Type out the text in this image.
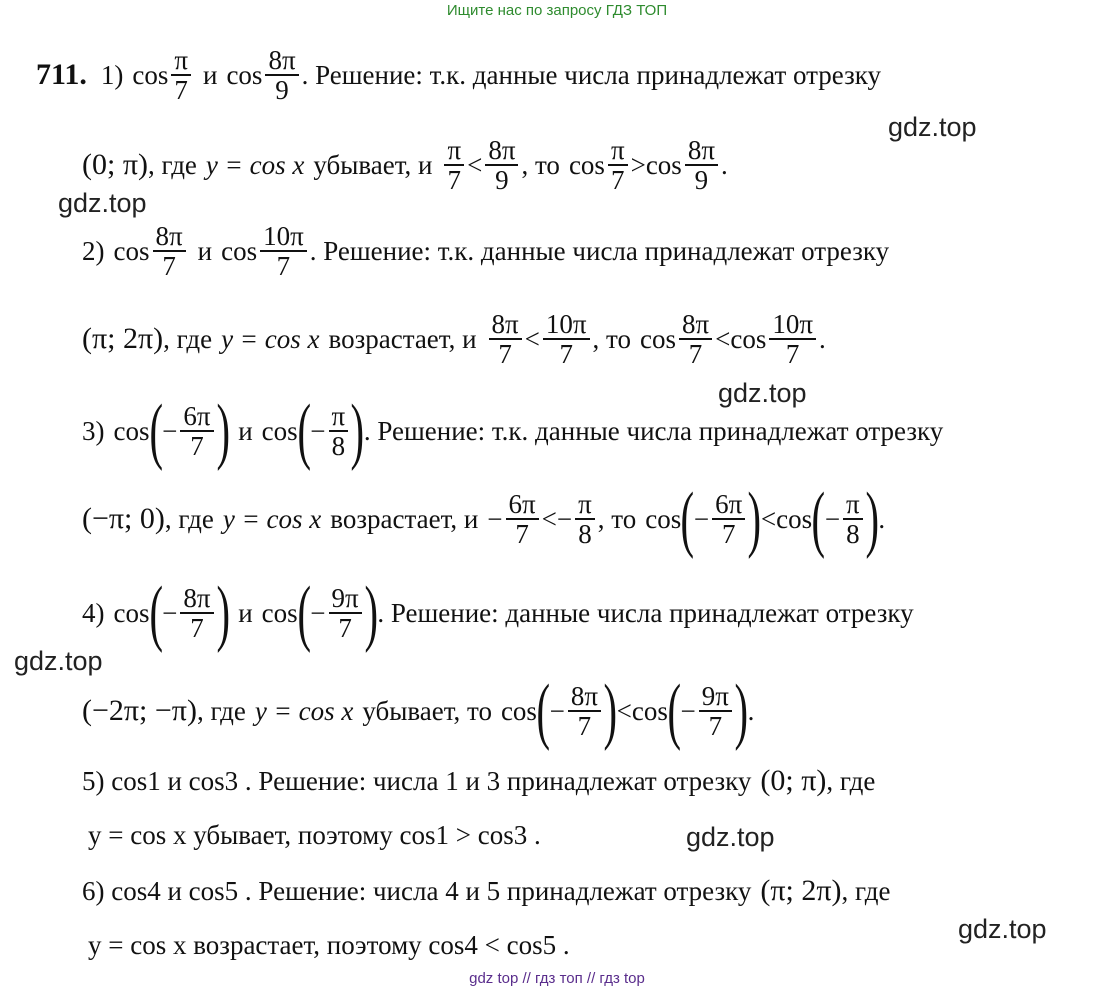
Ищите нас по запросу ГДЗ ТОП
gdz.top
gdz.top
gdz.top
gdz.top
gdz.top
gdz.top
711. 1) $\cos \frac{\pi}{7}$ и $\cos \frac{8\pi}{9}$ . Решение: т.к. данные числа принадлежат отрезку
(0; π) , где y = cos x убывает, и $\frac{\pi}{7} < \frac{8\pi}{9}$ , то $\cos \frac{\pi}{7} > \cos \frac{8\pi}{9}$ .
2) $\cos \frac{8\pi}{7}$ и $\cos \frac{10\pi}{7}$ . Решение: т.к. данные числа принадлежат отрезку
(π; 2π) , где y = cos x возрастает, и $\frac{8\pi}{7} < \frac{10\pi}{7}$ , то $\cos \frac{8\pi}{7} < \cos \frac{10\pi}{7}$ .
3) cos ( − $\frac{6\pi}{7}$ ) и cos ( − $\frac{\pi}{8}$ ) . Решение: т.к. данные числа принадлежат отрезку
(−π; 0) , где y = cos x возрастает, $и - \frac{6\pi}{7}$ < − $\frac{\pi}{8}$ , то cos ( − $\frac{6\pi}{7}$ ) < cos ( − $\frac{\pi}{8}$ ) .
4) cos ( − $\frac{8\pi}{7}$ ) и cos ( − $\frac{9\pi}{7}$ ) . Решение: данные числа принадлежат отрезку
(−2π; −π) , где y = cos x убывает, то cos ( − $\frac{8\pi}{7}$ ) < cos ( − $\frac{9\pi}{7}$ ) .
5) cos1 и cos3 . Решение: числа 1 и 3 принадлежат отрезку (0; π) , где
y = cos x убывает, поэтому cos1 > cos3 .
6) cos4 и cos5 . Решение: числа 4 и 5 принадлежат отрезку (π; 2π) , где
y = cos x возрастает, поэтому cos4 < cos5 .
gdz top // гдз топ // гдз top
